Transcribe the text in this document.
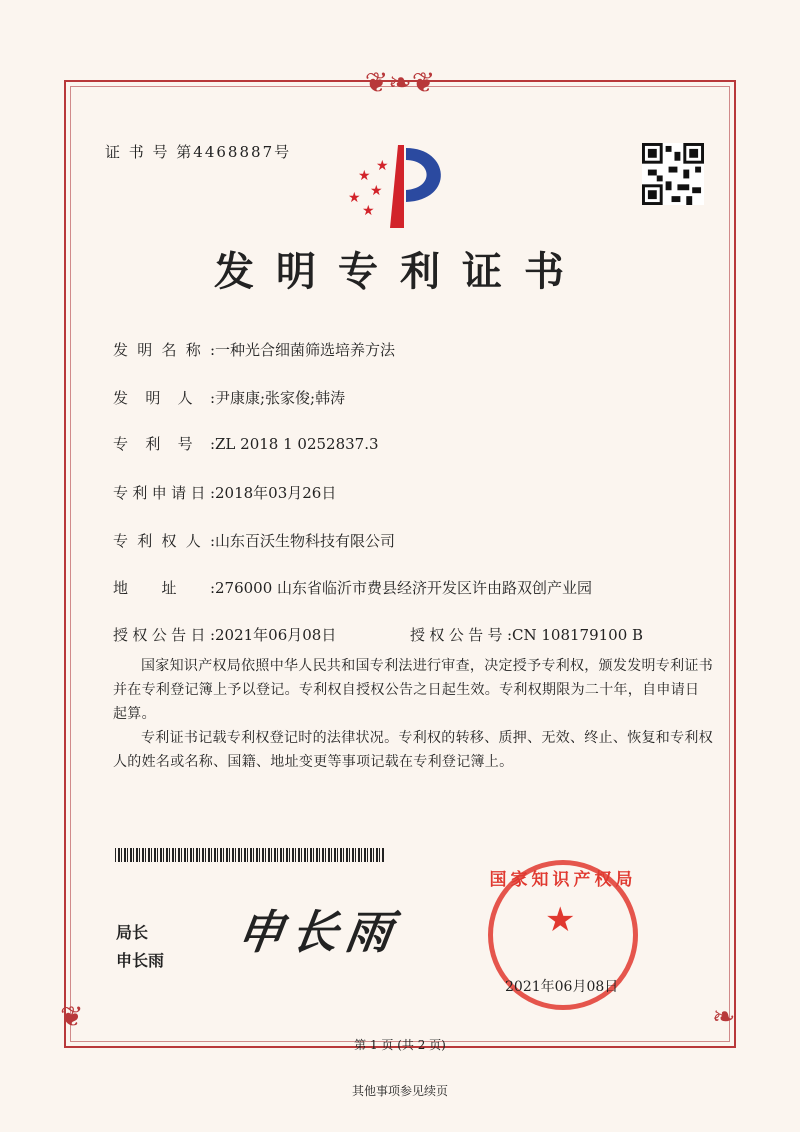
❦❧❦
❦	❧
证 书 号 第4468887号
★
★
★
★
★
发明专利证书
发明名称:一种光合细菌筛选培养方法
发明人:尹康康;张家俊;韩涛
专利号:ZL 2018 1 0252837.3
专利申请日:2018年03月26日
专利权人:山东百沃生物科技有限公司
地址:276000 山东省临沂市费县经济开发区许由路双创产业园
授权公告日:2021年06月08日	授权公告号:CN 108179100 B

国家知识产权局依照中华人民共和国专利法进行审查，决定授予专利权，颁发发明专利证书并在专利登记簿上予以登记。专利权自授权公告之日起生效。专利权期限为二十年，自申请日起算。

专利证书记载专利权登记时的法律状况。专利权的转移、质押、无效、终止、恢复和专利权人的姓名或名称、国籍、地址变更等事项记载在专利登记簿上。

局长
申长雨
申长雨
国家知识产权局
★
2021年06月08日
第 1 页 (共 2 页)
其他事项参见续页
